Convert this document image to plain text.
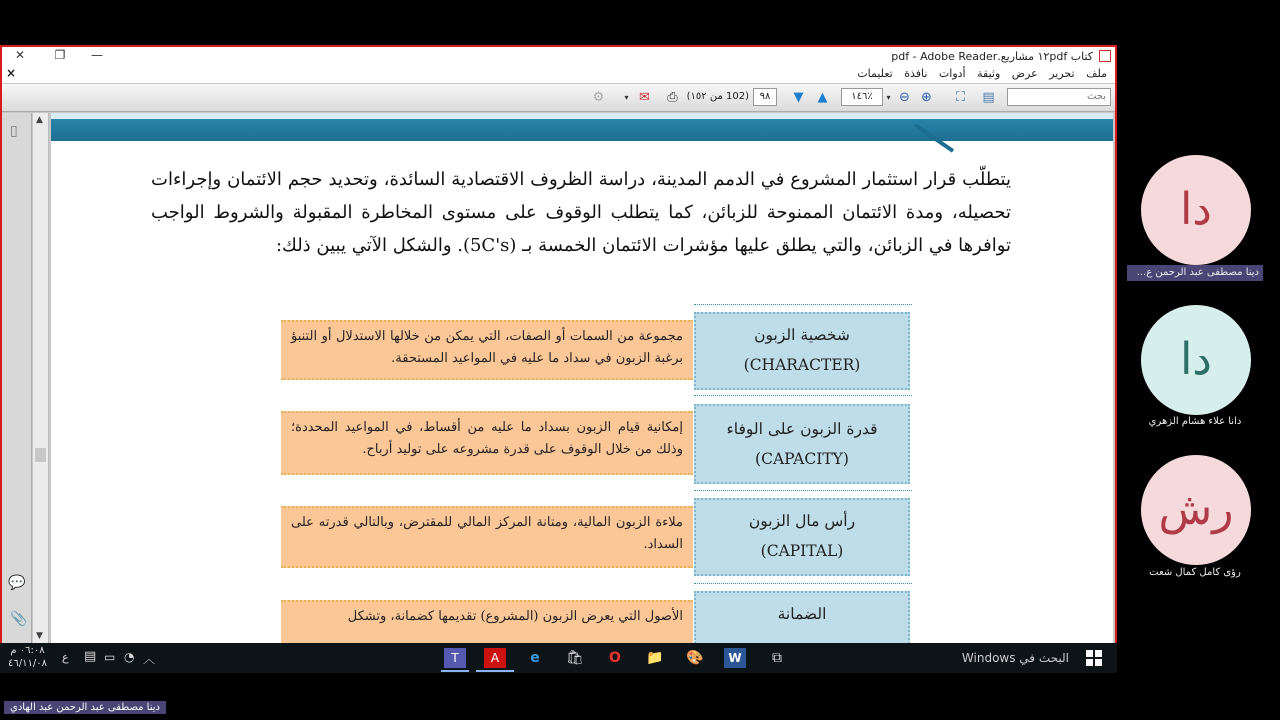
✕	❐	—	كتاب ١٢pdf مشاريع.pdf - Adobe Reader
ملف تحرير عرض وثيقة أدوات نافذة تعليمات
×
بحث
▤
⛶
⊕
⊖
▾
١٤٦٪
▲
▼
٩٨
(102 من ١٥٢)
⎙
✉
▾
⚙
▯
💬
📎
▲
▼
يتطلّب قرار استثمار المشروع في الدمم المدينة، دراسة الظروف الاقتصادية السائدة، وتحديد حجم الائتمان وإجراءات تحصيله، ومدة الائتمان الممنوحة للزبائن، كما يتطلب الوقوف على مستوى المخاطرة المقبولة والشروط الواجب توافرها في الزبائن، والتي يطلق عليها مؤشرات الائتمان الخمسة بـ (5C's). والشكل الآتي يبين ذلك:
شخصية الزبون
(CHARACTER)
مجموعة من السمات أو الصفات، التي يمكن من خلالها الاستدلال أو التنبؤ برغبة الزبون في سداد ما عليه في المواعيد المستحقة.
قدرة الزبون على الوفاء
(CAPACITY)
إمكانية قيام الزبون بسداد ما عليه من أقساط، في المواعيد المحددة؛ وذلك من خلال الوقوف على قدرة مشروعه على توليد أرباح.
رأس مال الزبون
(CAPITAL)
ملاءة الزبون المالية، ومتانة المركز المالي للمقترض، وبالتالي قدرته على السداد.
الضمانة
الأصول التي يعرض الزبون (المشروع) تقديمها كضمانة، وتشكل
البحث في Windows
⧉
W
🎨
📁
O
🛍
e
A
T
︿
◔
▭
▤
ع
٠٦:٠٨ م
٤٦/١١/٠٨
دا
دينا مصطفى عبد الرحمن ع...
دا
دانا علاء هشام الزهري
رش
رؤى كامل كمال شعت
دينا مصطفى عبد الرحمن عبد الهادي
